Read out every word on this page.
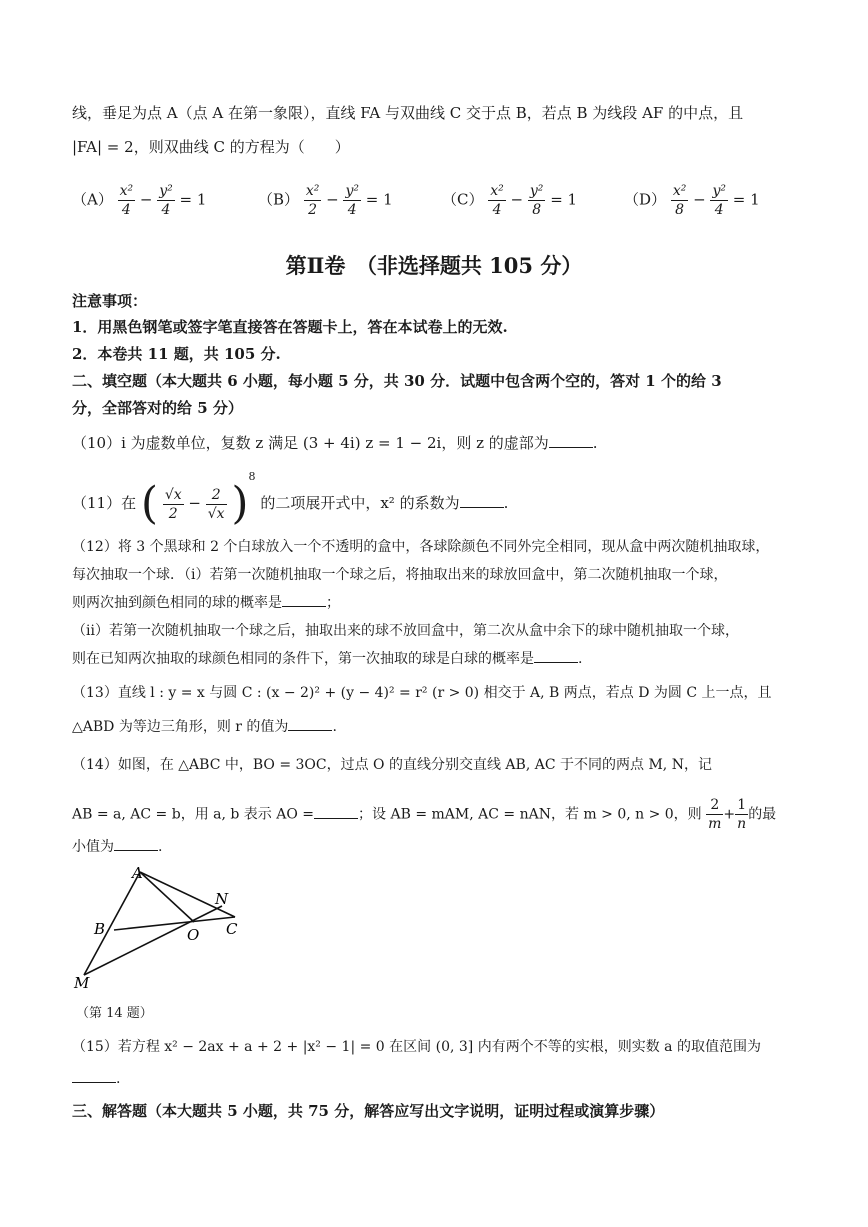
线，垂足为点 A（点 A 在第一象限），直线 FA 与双曲线 C 交于点 B，若点 B 为线段 AF 的中点，且
|FA| = 2，则双曲线 C 的方程为（　　）
$(A) \frac{\text{x²}}{4} - \frac{\text{y²}}{4} = 1$	$(B) \frac{\text{x²}}{2} - \frac{\text{y²}}{4} = 1$	$(C) \frac{\text{x²}}{4} - \frac{\text{y²}}{8} = 1$	$(D) \frac{\text{x²}}{8} - \frac{\text{y²}}{4} = 1$
第Ⅱ卷　（非选择题共 105 分）
注意事项：
1．用黑色钢笔或签字笔直接答在答题卡上，答在本试卷上的无效.
2．本卷共 11 题，共 105 分.
二、填空题（本大题共 6 小题，每小题 5 分，共 30 分．试题中包含两个空的，答对 1 个的给 3
分，全部答对的给 5 分）
（10）i 为虚数单位，复数 z 满足 (3 + 4i) z = 1 − 2i，则 z 的虚部为	.
（11）在 ( $\frac{√x}{2} - \frac{2}{√x} )^8$ 的二项展开式中，x² 的系数为	.
（12）将 3 个黑球和 2 个白球放入一个不透明的盒中，各球除颜色不同外完全相同，现从盒中两次随机抽取球，
每次抽取一个球．（ⅰ）若第一次随机抽取一个球之后，将抽取出来的球放回盒中，第二次随机抽取一个球，
则两次抽到颜色相同的球的概率是	；
（ⅱ）若第一次随机抽取一个球之后，抽取出来的球不放回盒中，第二次从盒中余下的球中随机抽取一个球，
则在已知两次抽取的球颜色相同的条件下，第一次抽取的球是白球的概率是	.
（13）直线 l : y = x 与圆 C : (x − 2)² + (y − 4)² = r² (r > 0) 相交于 A, B 两点，若点 D 为圆 C 上一点，且
△ABD 为等边三角形，则 r 的值为	.
（14）如图，在 △ABC 中，BO = 3OC，过点 O 的直线分别交直线 AB, AC 于不同的两点 M, N，记
AB = a, AC = b，用 a, b 表示 AO =	；设 AB = mAM, AC = nAN，若 m > 0, n > 0，则 $\frac{2}{m} + \frac{1}{n}$ 的最
小值为	.
A
B	C
M
N
O
（第 14 题）
（15）若方程 x² − 2ax + a + 2 + |x² − 1| = 0 在区间 (0, 3] 内有两个不等的实根，则实数 a 的取值范围为
.
三、解答题（本大题共 5 小题，共 75 分，解答应写出文字说明，证明过程或演算步骤）
